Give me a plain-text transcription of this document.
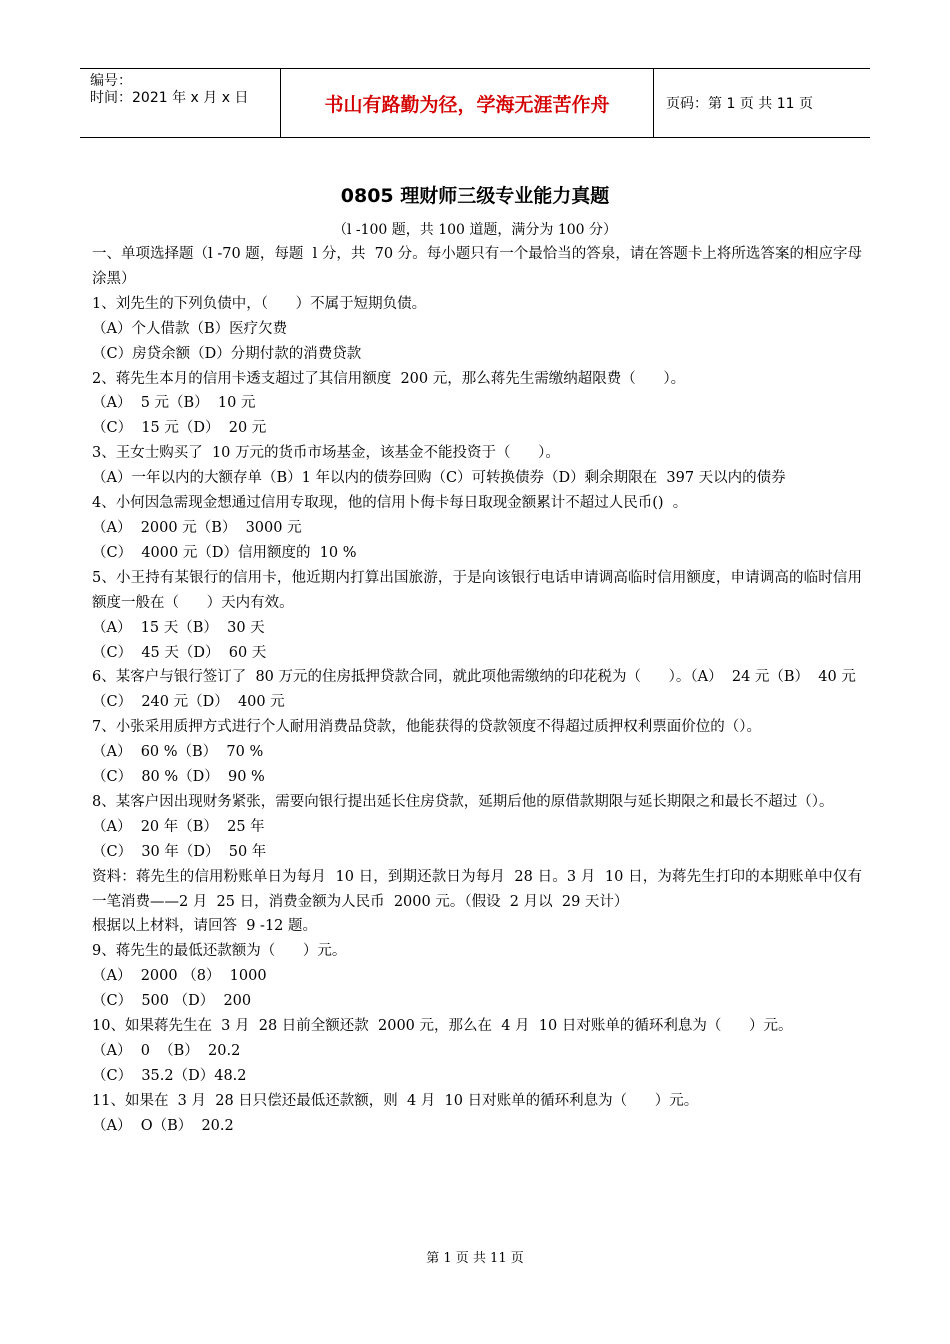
编号：
时间：2021 年 x 月 x 日	书山有路勤为径，学海无涯苦作舟	页码：第 1 页 共 11 页
0805 理财师三级专业能力真题
（l -100 题，共 100 道题，满分为 100 分）

一、单项选择题（l -70 题，每题  l 分，共  70 分。每小题只有一个最恰当的答泉，请在答题卡上将所选答案的相应字母涂黑）

1、刘先生的下列负债中，（      ）不属于短期负债。

（A）个人借款（B）医疗欠费

（C）房贷余额（D）分期付款的消费贷款

2、蒋先生本月的信用卡透支超过了其信用额度  200 元，那么蒋先生需缴纳超限费（      ）。

（A）  5 元（B）  10 元

（C）  15 元（D）  20 元

3、王女士购买了  10 万元的货币市场基金，该基金不能投资于（      ）。

（A）一年以内的大额存单（B）1 年以内的债券回购（C）可转换债券（D）剩余期限在  397 天以内的债券

4、小何因急需现金想通过信用专取现，他的信用卜侮卡每日取现金额累计不超过人民币()  。

（A）  2000 元（B）  3000 元

（C）  4000 元（D）信用额度的  10 %

5、小王持有某银行的信用卡，他近期内打算出国旅游，于是向该银行电话申请调高临时信用额度，申请调高的临时信用额度一般在（      ）天内有效。

（A）  15 天（B）  30 天

（C）  45 天（D）  60 天

6、某客户与银行签订了  80 万元的住房抵押贷款合同，就此项他需缴纳的印花税为（      ）。（A）  24 元（B）  40 元

（C）  240 元（D）  400 元

7、小张采用质押方式进行个人耐用消费品贷款，他能获得的贷款领度不得超过质押权利票面价位的（）。

（A）  60 %（B）  70 %

（C）  80 %（D）  90 %

8、某客户因出现财务紧张，需要向银行提出延长住房贷款，延期后他的原借款期限与延长期限之和最长不超过（）。

（A）  20 年（B）  25 年

（C）  30 年（D）  50 年

资料：蒋先生的信用粉账单日为每月  10 日，到期还款日为每月  28 日。3 月  10 日，为蒋先生打印的本期账单中仅有一笔消费——2 月  25 日，消费金额为人民币  2000 元。（假设  2 月以  29 天计）

根据以上材料，请回答  9 -12 题。

9、蒋先生的最低还款额为（      ）元。

（A）  2000 （8）  1000

（C）  500 （D）  200

10、如果蒋先生在  3 月  28 日前全额还款  2000 元，那么在  4 月  10 日对账单的循环利息为（      ）元。

（A）  0  （B）  20.2

（C）  35.2（D）48.2

11、如果在  3 月  28 日只偿还最低还款额，则  4 月  10 日对账单的循环利息为（      ）元。

（A）  O（B）  20.2

第 1 页 共 11 页
